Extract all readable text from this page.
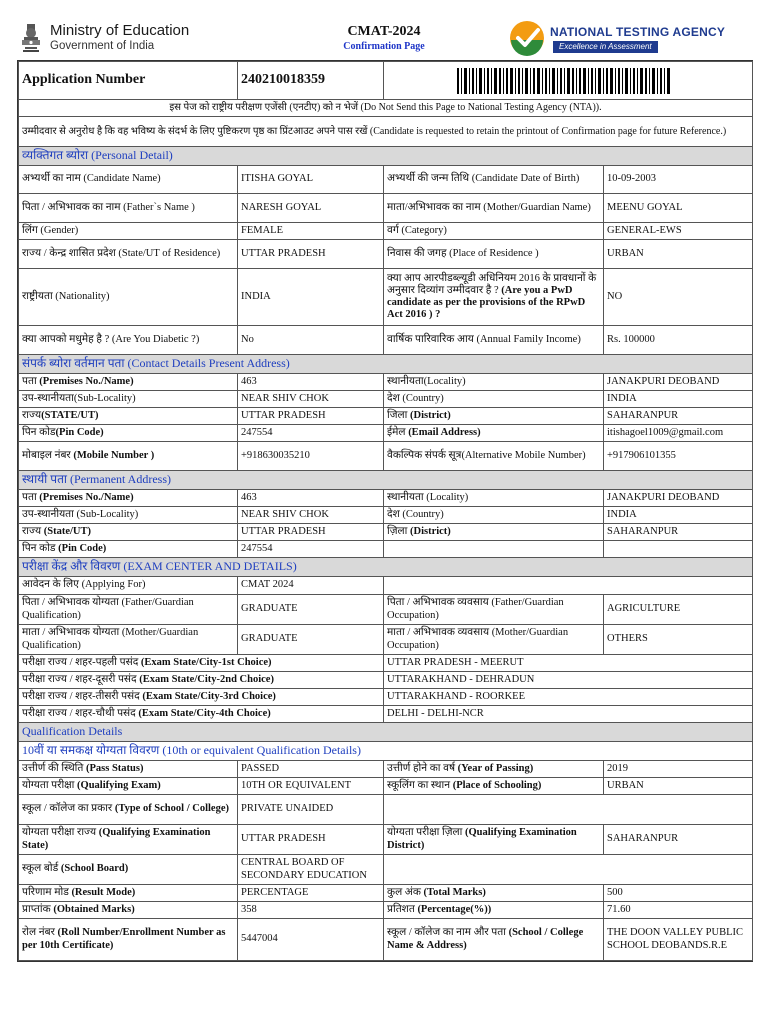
Ministry of Education
Government of India
CMAT-2024
Confirmation Page
NATIONAL TESTING AGENCY
Excellence in Assessment
Application Number	240210018359	

इस पेज को राष्ट्रीय परीक्षण एजेंसी (एनटीए) को न भेजें (Do Not Send this Page to National Testing Agency (NTA)).			
उम्मीदवार से अनुरोध है कि वह भविष्य के संदर्भ के लिए पुष्टिकरण पृष्ठ का प्रिंटआउट अपने पास रखें (Candidate is requested to retain the printout of Confirmation page for future Reference.)			
व्यक्तिगत ब्योरा (Personal Detail)			
अभ्यर्थी का नाम (Candidate Name)	ITISHA GOYAL	अभ्यर्थी की जन्म तिथि (Candidate Date of Birth)	10-09-2003
पिता / अभिभावक का नाम (Father`s Name )	NARESH GOYAL	माता/अभिभावक का नाम (Mother/Guardian Name)	MEENU GOYAL
लिंग (Gender)	FEMALE	वर्ग (Category)	GENERAL-EWS
राज्य / केन्द्र शासित प्रदेश (State/UT of Residence)	UTTAR PRADESH	निवास की जगह (Place of Residence )	URBAN
राष्ट्रीयता (Nationality)	INDIA	क्या आप आरपीडब्ल्यूडी अधिनियम 2016 के प्रावधानों के अनुसार दिव्यांग उम्मीदवार है ? (Are you a PwD candidate as per the provisions of the RPwD Act 2016 ) ?	NO
क्या आपको मधुमेह है ? (Are You Diabetic ?)	No	वार्षिक पारिवारिक आय (Annual Family Income)	Rs. 100000
संपर्क ब्योरा वर्तमान पता (Contact Details Present Address)			
पता (Premises No./Name)	463	स्थानीयता(Locality)	JANAKPURI DEOBAND
उप-स्थानीयता(Sub-Locality)	NEAR SHIV CHOK	देश (Country)	INDIA
राज्य(STATE/UT)	UTTAR PRADESH	जिला (District)	SAHARANPUR
पिन कोड(Pin Code)	247554	ईमेल (Email Address)	itishagoel1009@gmail.com
मोबाइल नंबर (Mobile Number )	+918630035210	वैकल्पिक संपर्क सूत्र(Alternative Mobile Number)	+917906101355
स्थायी पता (Permanent Address)			
पता (Premises No./Name)	463	स्थानीयता (Locality)	JANAKPURI DEOBAND
उप-स्थानीयता (Sub-Locality)	NEAR SHIV CHOK	देश (Country)	INDIA
राज्य (State/UT)	UTTAR PRADESH	ज़िला (District)	SAHARANPUR
पिन कोड (Pin Code)	247554		
परीक्षा केंद्र और विवरण (EXAM CENTER AND DETAILS)			
आवेदन के लिए (Applying For)	CMAT 2024		
पिता / अभिभावक योग्यता (Father/Guardian Qualification)	GRADUATE	पिता / अभिभावक व्यवसाय (Father/Guardian Occupation)	AGRICULTURE
माता / अभिभावक योग्यता (Mother/Guardian Qualification)	GRADUATE	माता / अभिभावक व्यवसाय (Mother/Guardian Occupation)	OTHERS
परीक्षा राज्य / शहर-पहली पसंद (Exam State/City-1st Choice)		UTTAR PRADESH - MEERUT	
परीक्षा राज्य / शहर-दूसरी पसंद (Exam State/City-2nd Choice)		UTTARAKHAND - DEHRADUN	
परीक्षा राज्य / शहर-तीसरी पसंद (Exam State/City-3rd Choice)		UTTARAKHAND - ROORKEE	
परीक्षा राज्य / शहर-चौथी पसंद (Exam State/City-4th Choice)		DELHI - DELHI-NCR	
Qualification Details			
10वीं या समकक्ष योग्यता विवरण (10th or equivalent Qualification Details)			
उत्तीर्ण की स्थिति (Pass Status)	PASSED	उत्तीर्ण होने का वर्ष (Year of Passing)	2019
योग्यता परीक्षा (Qualifying Exam)	10TH OR EQUIVALENT	स्कूलिंग का स्थान (Place of Schooling)	URBAN
स्कूल / कॉलेज का प्रकार (Type of School / College)	PRIVATE UNAIDED		
योग्यता परीक्षा राज्य (Qualifying Examination State)	UTTAR PRADESH	योग्यता परीक्षा ज़िला (Qualifying Examination District)	SAHARANPUR
स्कूल बोर्ड (School Board)	CENTRAL BOARD OF SECONDARY EDUCATION		
परिणाम मोड (Result Mode)	PERCENTAGE	कुल अंक (Total Marks)	500
प्राप्तांक (Obtained Marks)	358	प्रतिशत (Percentage(%))	71.60
रोल नंबर (Roll Number/Enrollment Number as per 10th Certificate)	5447004	स्कूल / कॉलेज का नाम और पता (School / College Name & Address)	THE DOON VALLEY PUBLIC SCHOOL DEOBANDS.R.E
